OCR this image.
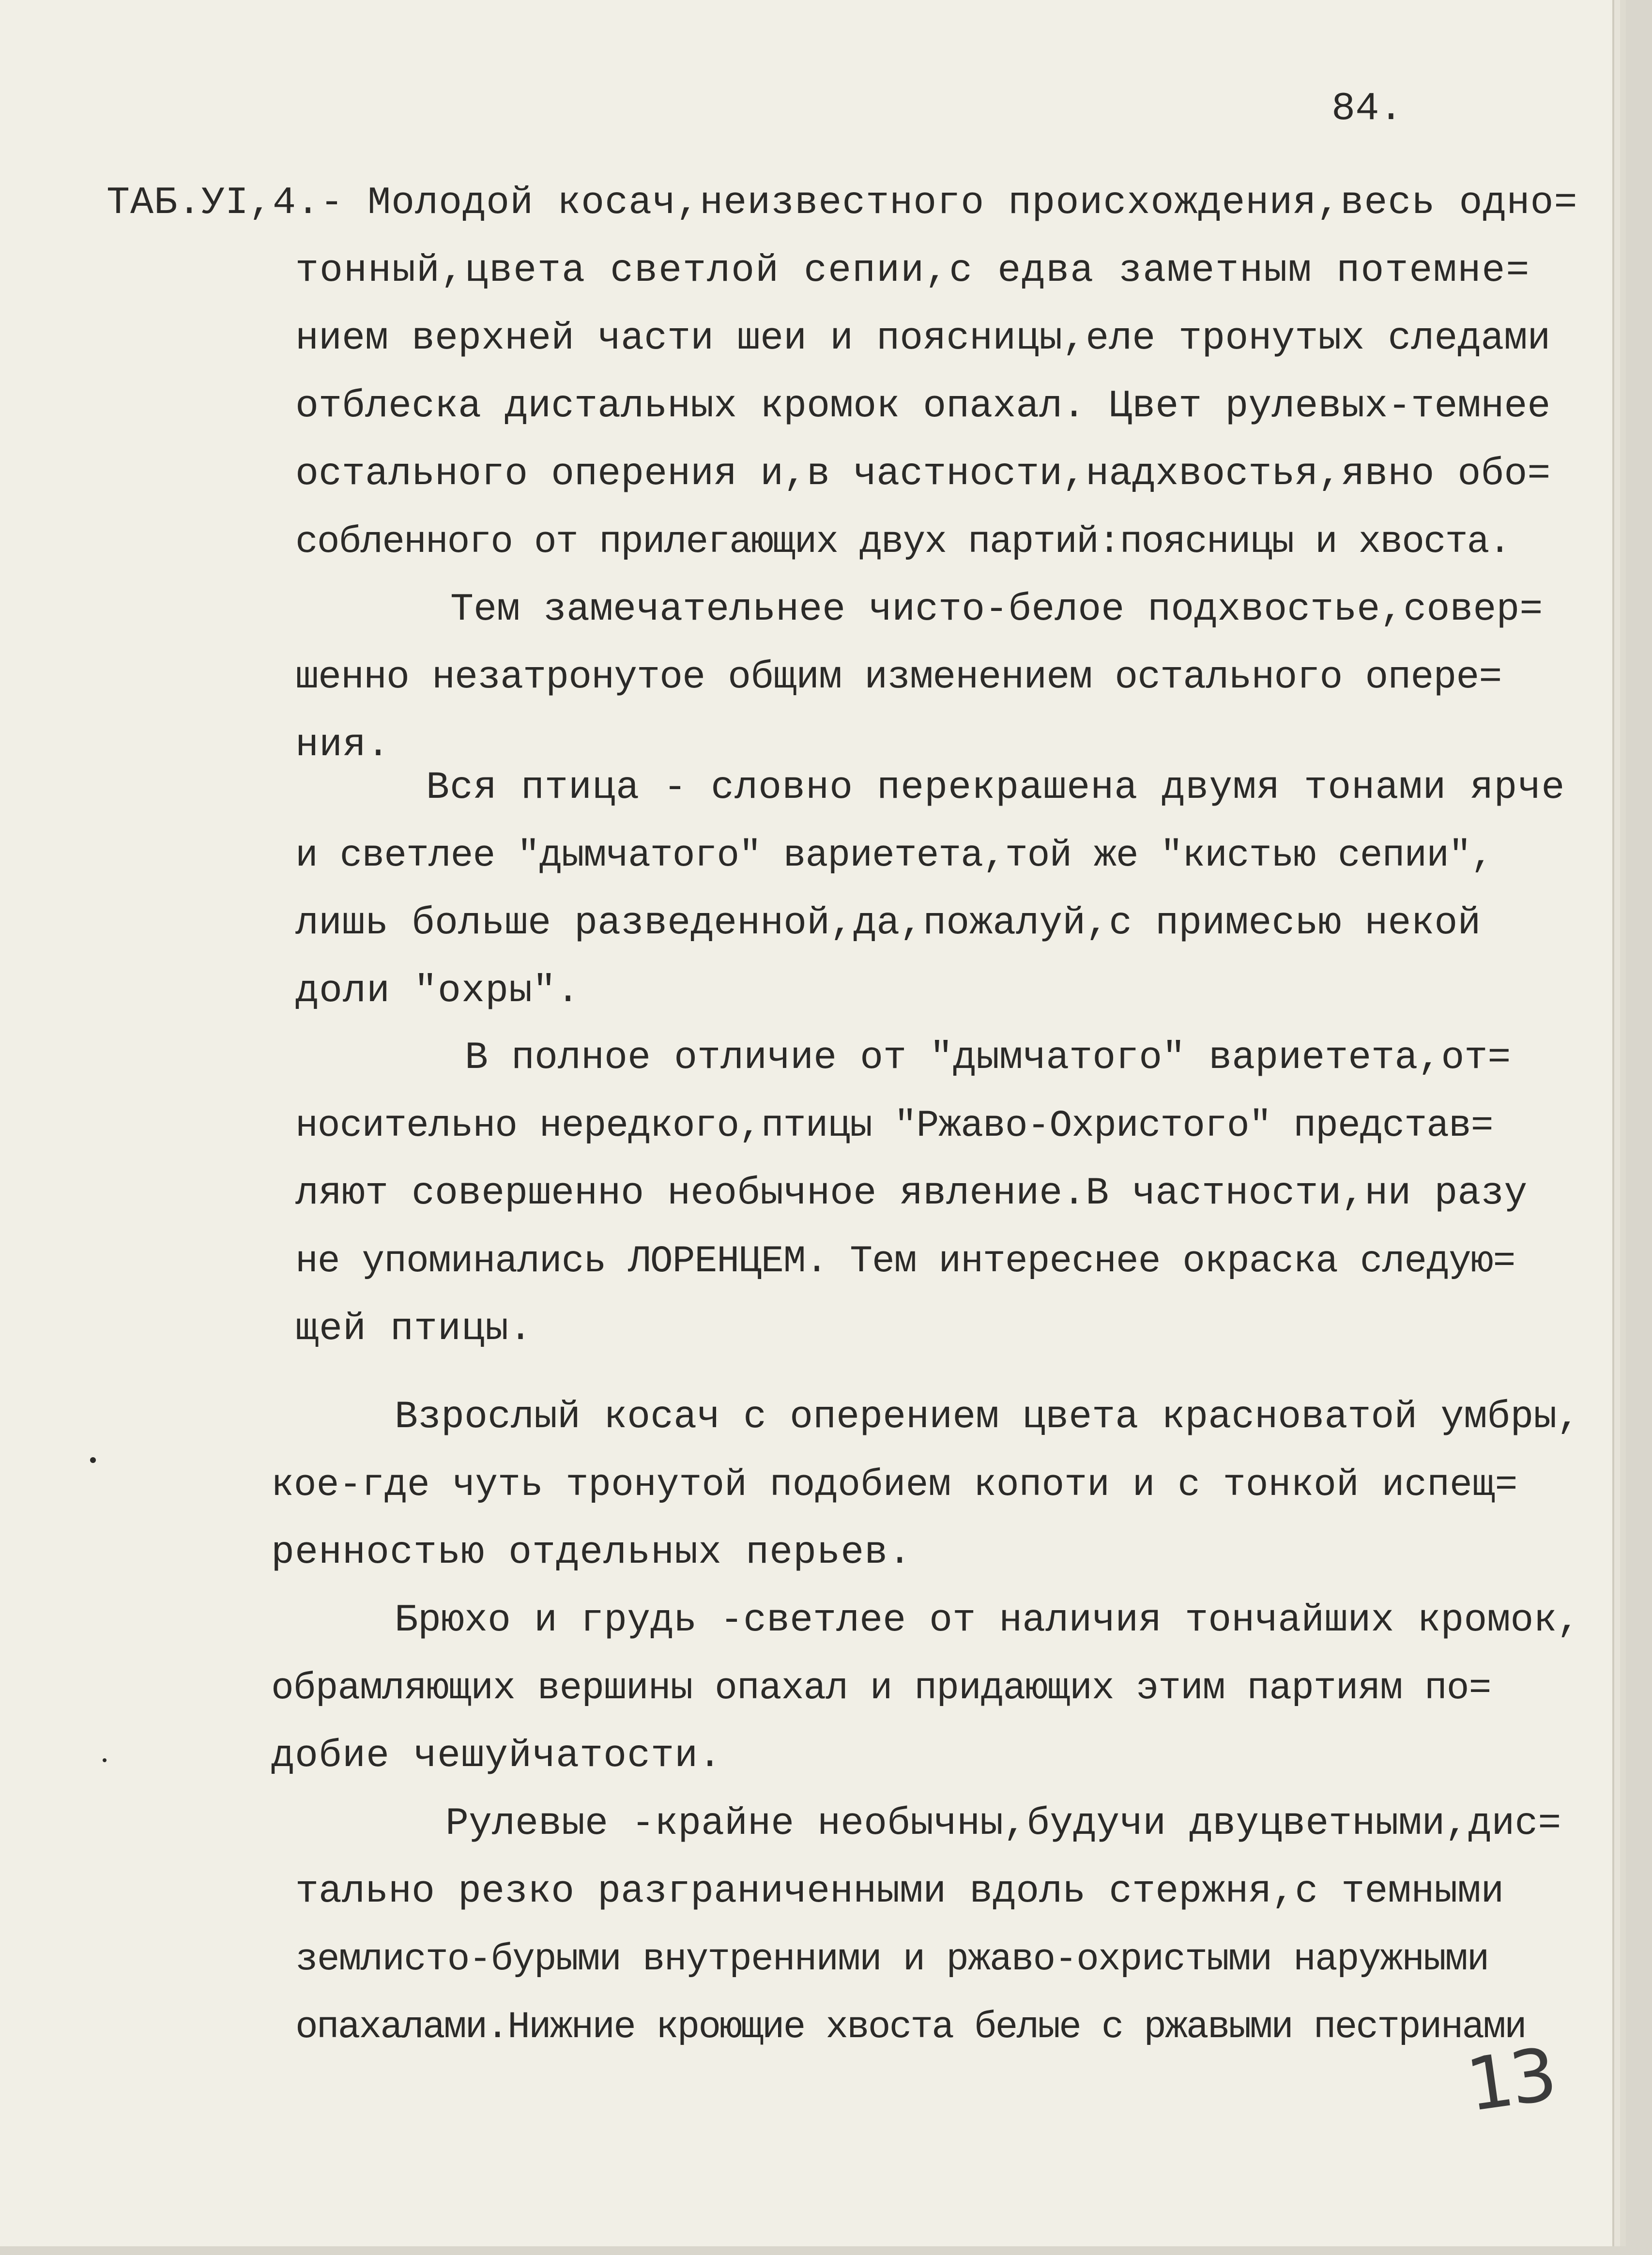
84.
ТАБ.УI,4.- Молодой косач,неизвестного происхождения,весь одно=
тонный,цвета светлой сепии,с едва заметным потемне=
нием верхней части шеи и поясницы,еле тронутых следами
отблеска дистальных кромок опахал. Цвет рулевых-темнее
остального оперения и,в частности,надхвостья,явно обо=
собленного от прилегающих двух партий:поясницы и хвоста.
Тем замечательнее чисто-белое подхвостье,совер=
шенно незатронутое общим изменением остального опере=
ния.
Вся птица - словно перекрашена двумя тонами ярче
и светлее "дымчатого" вариетета,той же "кистью сепии",
лишь больше разведенной,да,пожалуй,с примесью некой
доли "охры".
В полное отличие от "дымчатого" вариетета,от=
носительно нередкого,птицы "Ржаво-Охристого" представ=
ляют совершенно необычное явление.В частности,ни разу
не упоминались ЛОРЕНЦЕМ. Тем интереснее окраска следую=
щей птицы.
Взрослый косач с оперением цвета красноватой умбры,
кое-где чуть тронутой подобием копоти и с тонкой испещ=
ренностью отдельных перьев.
Брюхо и грудь -светлее от наличия тончайших кромок,
обрамляющих вершины опахал и придающих этим партиям по=
добие чешуйчатости.
Рулевые -крайне необычны,будучи двуцветными,дис=
тально резко разграниченными вдоль стержня,с темными
землисто-бурыми внутренними и ржаво-охристыми наружными
опахалами.Нижние кроющие хвоста белые с ржавыми пестринами
13
